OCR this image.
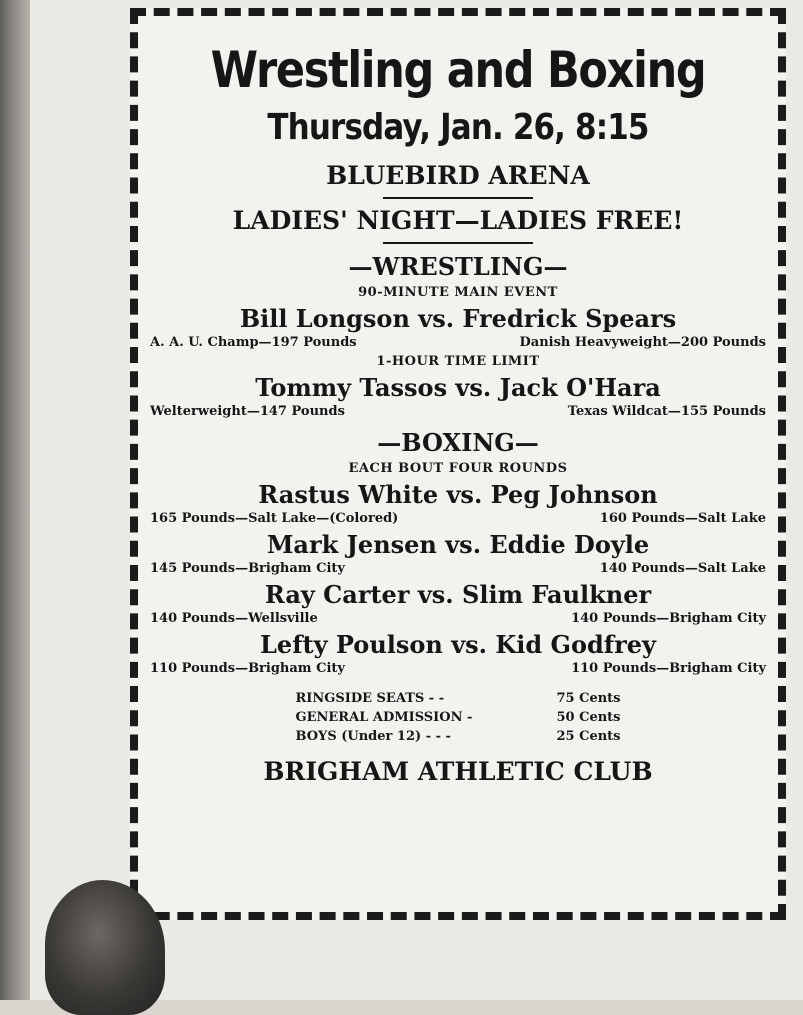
Wrestling and Boxing
Thursday, Jan. 26, 8:15
BLUEBIRD ARENA
LADIES' NIGHT—LADIES FREE!
—WRESTLING—
90-MINUTE MAIN EVENT
Bill Longson vs. Fredrick Spears
A. A. U. Champ—197 Pounds	Danish Heavyweight—200 Pounds
1-HOUR TIME LIMIT
Tommy Tassos vs. Jack O'Hara
Welterweight—147 Pounds	Texas Wildcat—155 Pounds
—BOXING—
EACH BOUT FOUR ROUNDS
Rastus White vs. Peg Johnson
165 Pounds—Salt Lake—(Colored)	160 Pounds—Salt Lake
Mark Jensen vs. Eddie Doyle
145 Pounds—Brigham City	140 Pounds—Salt Lake
Ray Carter vs. Slim Faulkner
140 Pounds—Wellsville	140 Pounds—Brigham City
Lefty Poulson vs. Kid Godfrey
110 Pounds—Brigham City	110 Pounds—Brigham City
RINGSIDE SEATS - -	75 Cents
GENERAL ADMISSION -	50 Cents
BOYS (Under 12) - - -	25 Cents
BRIGHAM ATHLETIC CLUB
